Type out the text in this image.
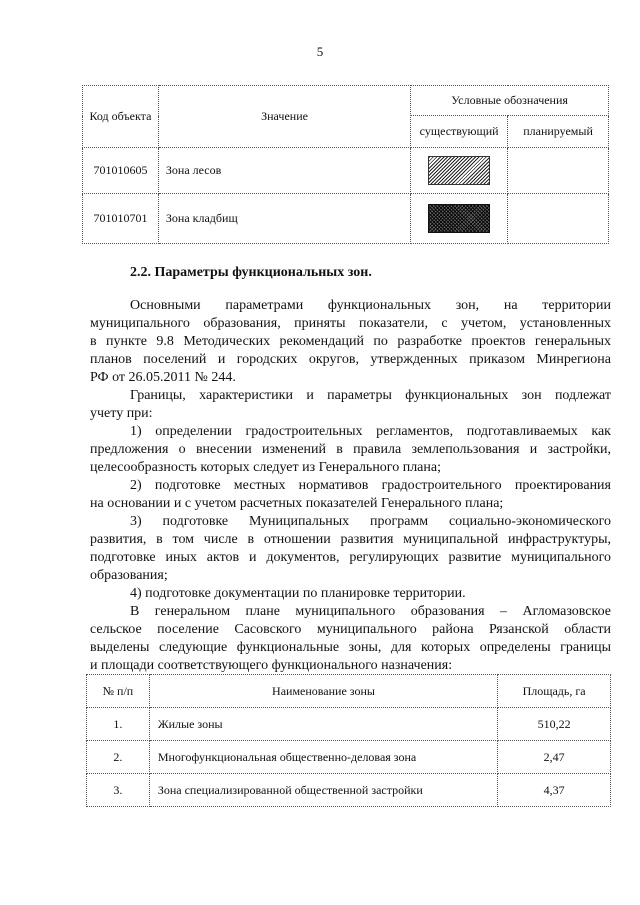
5
Код объекта	Значение	Условные обозначения	
		существующий	планируемый
701010605	Зона лесов	

701010701	Зона кладбищ	

2.2. Параметры функциональных зон.

Основными параметрами функциональных зон, на территории

муниципального образования, приняты показатели, с учетом, установленных

в пункте 9.8 Методических рекомендаций по разработке проектов генеральных

планов поселений и городских округов, утвержденных приказом Минрегиона

РФ от 26.05.2011 № 244.

Границы, характеристики и параметры функциональных зон подлежат

учету при:

1) определении градостроительных регламентов, подготавливаемых как

предложения о внесении изменений в правила землепользования и застройки,

целесообразность которых следует из Генерального плана;

2) подготовке местных нормативов градостроительного проектирования

на основании и с учетом расчетных показателей Генерального плана;

3) подготовке Муниципальных программ социально-экономического

развития, в том числе в отношении развития муниципальной инфраструктуры,

подготовке иных актов и документов, регулирующих развитие муниципального

образования;

4) подготовке документации по планировке территории.

В генеральном плане муниципального образования – Агломазовское

сельское поселение Сасовского муниципального района Рязанской области

выделены следующие функциональные зоны, для которых определены границы

и площади соответствующего функционального назначения:

№ п/п	Наименование зоны	Площадь, га
1.	Жилые зоны	510,22
2.	Многофункциональная общественно-деловая зона	2,47
3.	Зона специализированной общественной застройки	4,37
